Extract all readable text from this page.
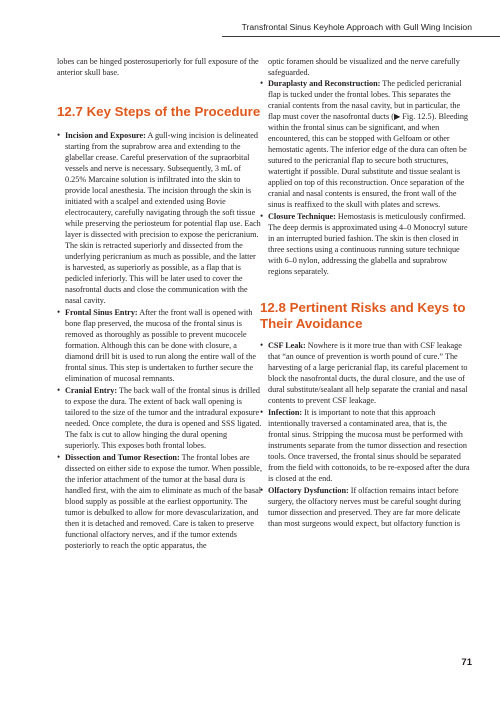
Transfrontal Sinus Keyhole Approach with Gull Wing Incision

lobes can be hinged posterosuperiorly for full exposure of the anterior skull base.

12.7 Key Steps of the Procedure
• Incision and Exposure: A gull-wing incision is delineated starting from the suprabrow area and extending to the glabellar crease. Careful preservation of the supraorbital vessels and nerve is necessary. Subsequently, 3 mL of 0.25% Marcaine solution is infiltrated into the skin to provide local anesthesia. The incision through the skin is initiated with a scalpel and extended using Bovie electrocautery, carefully navigating through the soft tissue while preserving the periosteum for potential flap use. Each layer is dissected with precision to expose the pericranium. The skin is retracted superiorly and dissected from the underlying pericranium as much as possible, and the latter is harvested, as superiorly as possible, as a flap that is pedicled inferiorly. This will be later used to cover the nasofrontal ducts and close the communication with the nasal cavity.
• Frontal Sinus Entry: After the front wall is opened with bone flap preserved, the mucosa of the frontal sinus is removed as thoroughly as possible to prevent mucocele formation. Although this can be done with closure, a diamond drill bit is used to run along the entire wall of the frontal sinus. This step is undertaken to further secure the elimination of mucosal remnants.
• Cranial Entry: The back wall of the frontal sinus is drilled to expose the dura. The extent of back wall opening is tailored to the size of the tumor and the intradural exposure needed. Once complete, the dura is opened and SSS ligated. The falx is cut to allow hinging the dural opening superiorly. This exposes both frontal lobes.
• Dissection and Tumor Resection: The frontal lobes are dissected on either side to expose the tumor. When possible, the inferior attachment of the tumor at the basal dura is handled first, with the aim to eliminate as much of the basal blood supply as possible at the earliest opportunity. The tumor is debulked to allow for more devascularization, and then it is detached and removed. Care is taken to preserve functional olfactory nerves, and if the tumor extends posteriorly to reach the optic apparatus, the

optic foramen should be visualized and the nerve carefully safeguarded.

• Duraplasty and Reconstruction: The pedicled pericranial flap is tucked under the frontal lobes. This separates the cranial contents from the nasal cavity, but in particular, the flap must cover the nasofrontal ducts (▶ Fig. 12.5). Bleeding within the frontal sinus can be significant, and when encountered, this can be stopped with Gelfoam or other hemostatic agents. The inferior edge of the dura can often be sutured to the pericranial flap to secure both structures, watertight if possible. Dural substitute and tissue sealant is applied on top of this reconstruction. Once separation of the cranial and nasal contents is ensured, the front wall of the sinus is reaffixed to the skull with plates and screws.
• Closure Technique: Hemostasis is meticulously confirmed. The deep dermis is approximated using 4–0 Monocryl suture in an interrupted buried fashion. The skin is then closed in three sections using a continuous running suture technique with 6–0 nylon, addressing the glabella and suprabrow regions separately.
12.8 Pertinent Risks and Keys to Their Avoidance
• CSF Leak: Nowhere is it more true than with CSF leakage that “an ounce of prevention is worth pound of cure.” The harvesting of a large pericranial flap, its careful placement to block the nasofrontal ducts, the dural closure, and the use of dural substitute/sealant all help separate the cranial and nasal contents to prevent CSF leakage.
• Infection: It is important to note that this approach intentionally traversed a contaminated area, that is, the frontal sinus. Stripping the mucosa must be performed with instruments separate from the tumor dissection and resection tools. Once traversed, the frontal sinus should be separated from the field with cottonoids, to be re-exposed after the dura is closed at the end.
• Olfactory Dysfunction: If olfaction remains intact before surgery, the olfactory nerves must be careful sought during tumor dissection and preserved. They are far more delicate than most surgeons would expect, but olfactory function is
71
